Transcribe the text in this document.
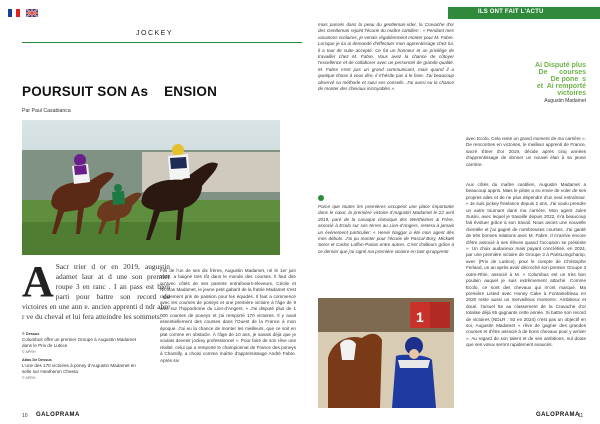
ILS ONT FAIT L'ACTU
JOCKEY
POURSUIT SON As    ENSION
Par Paul Casabianca
A Sacr trier d or en 2019, augustin adamet laur at d une son premier roupe 3 en ranc . I an pass est bien parti pour battre son record de victoires en une ann e. ancien apprenti d ndr abre r ve du cheval et lui fera atteindre les sommets.
© Dessus
Columbus offre un premier Groupe à Augustin Madamet dans le Prix de Lutèce
© APRH
Atlas De Dessus
L'une des 170 victoires à poney d'Augustin Madamet en selle sur Heatheron Cheeta
© APRH
Fils de l'un de ses dix frères, Augustin Madamet, né le 1er juin 2002, a baigné très tôt dans le monde des courses. Il faut dire qu'avec côtés de ses parents entraîneurs-éleveurs, Cécile et Nicolas Madamet, le jeune petit gabarit de la fratrie Madamet s'est rapidement pris de passion pour les équidés. Il faut a commencé avec les courses de poneys et une première victoire à l'âge de 9 ans, sur l'hippodrome du Lion-d'Angers. « J'ai disputé plus de 1 000 courses de poneys et j'ai remporté 170 victoires. Il y avait essentiellement des courses dans l'Ouest de la France à mon époque. J'ai eu la chance de monter les meilleurs, que ce soit en plat comme en obstacle. À l'âge de 10 ans, je savais déjà que je voulais devenir jockey professionnel ». Pour faire de son rêve une réalité, celui qui a remporté le championnat de France des poneys à Chantilly, a choisi comme maître d'apprentissage André Fabre. Après six
mois passés dans la peau du gentleman-rider, la Cravache d'or des Gentleman rejoint l'écurie du maître cantilien : « Pendant mes vacances scolaires, je venais régulièrement monter pour M. Fabre. Lorsque je lui ai demandé d'effectuer mon apprentissage chez lui, il a tout de suite accepté. Ce fut un honneur et un privilège de travailler chez M. Fabre. Vous avez la chance de côtoyer l'excellence et de collaborer avec un personnel de grande qualité. M. Fabre n'est pas un grand communicant, mais quand il a quelque chose à vous dire, il n'hésite pas à le faire. J'ai beaucoup observé sa méthode et suivi ses conseils. J'ai aussi eu la chance de monter des chevaux incroyables ».
Parce que toutes les premières occupent une place importante dans le cœur, la première victoire d'Augustin Madamet le 22 avril 2019, paré de la casaque classique des Wertheimer & Frère, associé à Ecolo sur ses terres au Lion-d'Angers, restera à jamais un évènement particulier: « Hervé Naggar a été mon agent dès mes débuts. J'ai pu monter pour l'écurie de Pascal Bory, Mickaël Seror et Carlos Laffon-Parias entre autres. C'est d'ailleurs grâce à ce dernier que j'ai signé ma première victoire en tant qu'apprenti
Ai Disputé plus
De      courses
De pone  s
et  Ai remporté
victoires
Augustin Madamet
avec Ecolo. Cela reste un grand moment de ma carrière ». De rencontres en victoires, le meilleur apprenti de France, sacré Étrier d'or 2019, décide après cinq années d'apprentissage de donner un nouvel élan à sa jeune carrière.
Aux côtés du maître cantilien, Augustin Madamet a beaucoup appris. Mais le pilote a eu envie de voler de ses propres ailes et de ne plus dépendre d'un seul entraîneur. « Je suis jockey freelance depuis 2 ans. J'ai voulu prendre un autre tournant dans ma carrière. Mon agent Jules Susini, avec lequel je travaille depuis 2022, m'a beaucoup fait évoluer grâce à son travail. Nous avons une nouvelle clientèle et j'ai gagné de nombreuses courses. J'ai gardé de très bonnes relations avec M. Fabre. Il m'arrive encore d'être associé à ses élèves quand l'occasion se présente ». Un choix audacieux mais payant concrétisé, en 2024, par une première victoire de Groupe 3 à ParisLongchamp, avec (Prix de Lutèce), pour le compte de Christophe Ferland, un an après avoir décroché son premier Groupe 3 outre-Rhin, associé à M. « Columbus est un très bon poulain auquel je suis extrêmement attaché. Comme Ecolo, ce sont des chevaux qui m'ont marqué. Ma première Listed avec Honey Cake à Fontainebleau en 2020 reste aussi un merveilleux moment». Ambitieux et doué, l'actuel 5e au classement de la Cravache d'or totalise déjà 65 gagnants cette année. Si battre son record de victoires (NDLR : 92 en 2024) n'est pas un objectif en soi, Augustin Madamet « rêve de gagner des grandes courses et d'être associé à de bons chevaux pour y arriver ». Au regard de son talent et de ses ambitions, nul doute que ses vœux seront rapidement exaucés.
1
10 GALOPRAMA	GALOPRAMA
11
